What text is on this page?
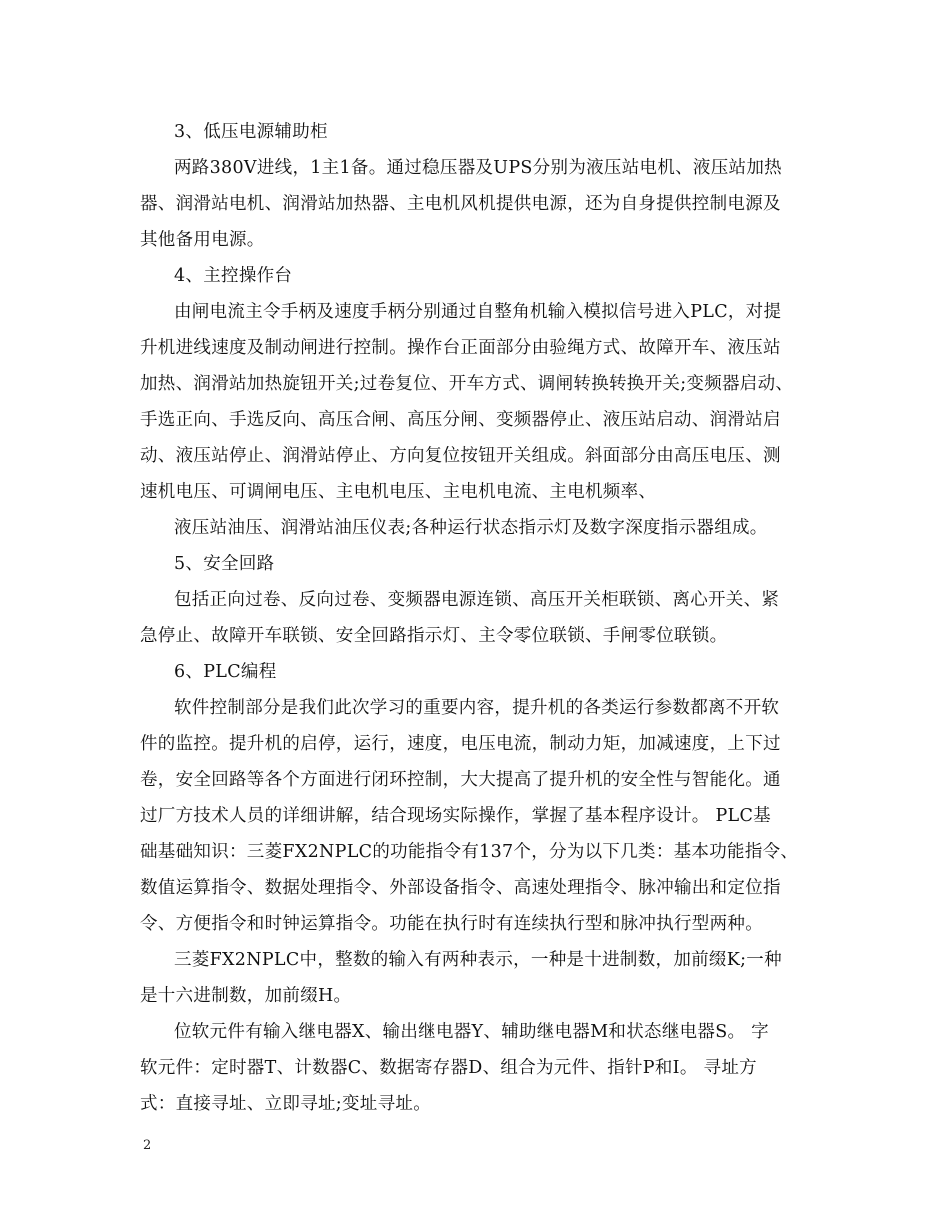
3、低压电源辅助柜
两路380V进线，1主1备。通过稳压器及UPS分别为液压站电机、液压站加热
器、润滑站电机、润滑站加热器、主电机风机提供电源，还为自身提供控制电源及
其他备用电源。
4、主控操作台
由闸电流主令手柄及速度手柄分别通过自整角机输入模拟信号进入PLC，对提
升机进线速度及制动闸进行控制。操作台正面部分由验绳方式、故障开车、液压站
加热、润滑站加热旋钮开关;过卷复位、开车方式、调闸转换转换开关;变频器启动、
手选正向、手选反向、高压合闸、高压分闸、变频器停止、液压站启动、润滑站启
动、液压站停止、润滑站停止、方向复位按钮开关组成。斜面部分由高压电压、测
速机电压、可调闸电压、主电机电压、主电机电流、主电机频率、
液压站油压、润滑站油压仪表;各种运行状态指示灯及数字深度指示器组成。
5、安全回路
包括正向过卷、反向过卷、变频器电源连锁、高压开关柜联锁、离心开关、紧
急停止、故障开车联锁、安全回路指示灯、主令零位联锁、手闸零位联锁。
6、PLC编程
软件控制部分是我们此次学习的重要内容，提升机的各类运行参数都离不开软
件的监控。提升机的启停，运行，速度，电压电流，制动力矩，加减速度，上下过
卷，安全回路等各个方面进行闭环控制，大大提高了提升机的安全性与智能化。通
过厂方技术人员的详细讲解，结合现场实际操作，掌握了基本程序设计。 PLC基
础基础知识：三菱FX2NPLC的功能指令有137个，分为以下几类：基本功能指令、
数值运算指令、数据处理指令、外部设备指令、高速处理指令、脉冲输出和定位指
令、方便指令和时钟运算指令。功能在执行时有连续执行型和脉冲执行型两种。
三菱FX2NPLC中，整数的输入有两种表示，一种是十进制数，加前缀K;一种
是十六进制数，加前缀H。
位软元件有输入继电器X、输出继电器Y、辅助继电器M和状态继电器S。 字
软元件：定时器T、计数器C、数据寄存器D、组合为元件、指针P和I。 寻址方
式：直接寻址、立即寻址;变址寻址。
2
